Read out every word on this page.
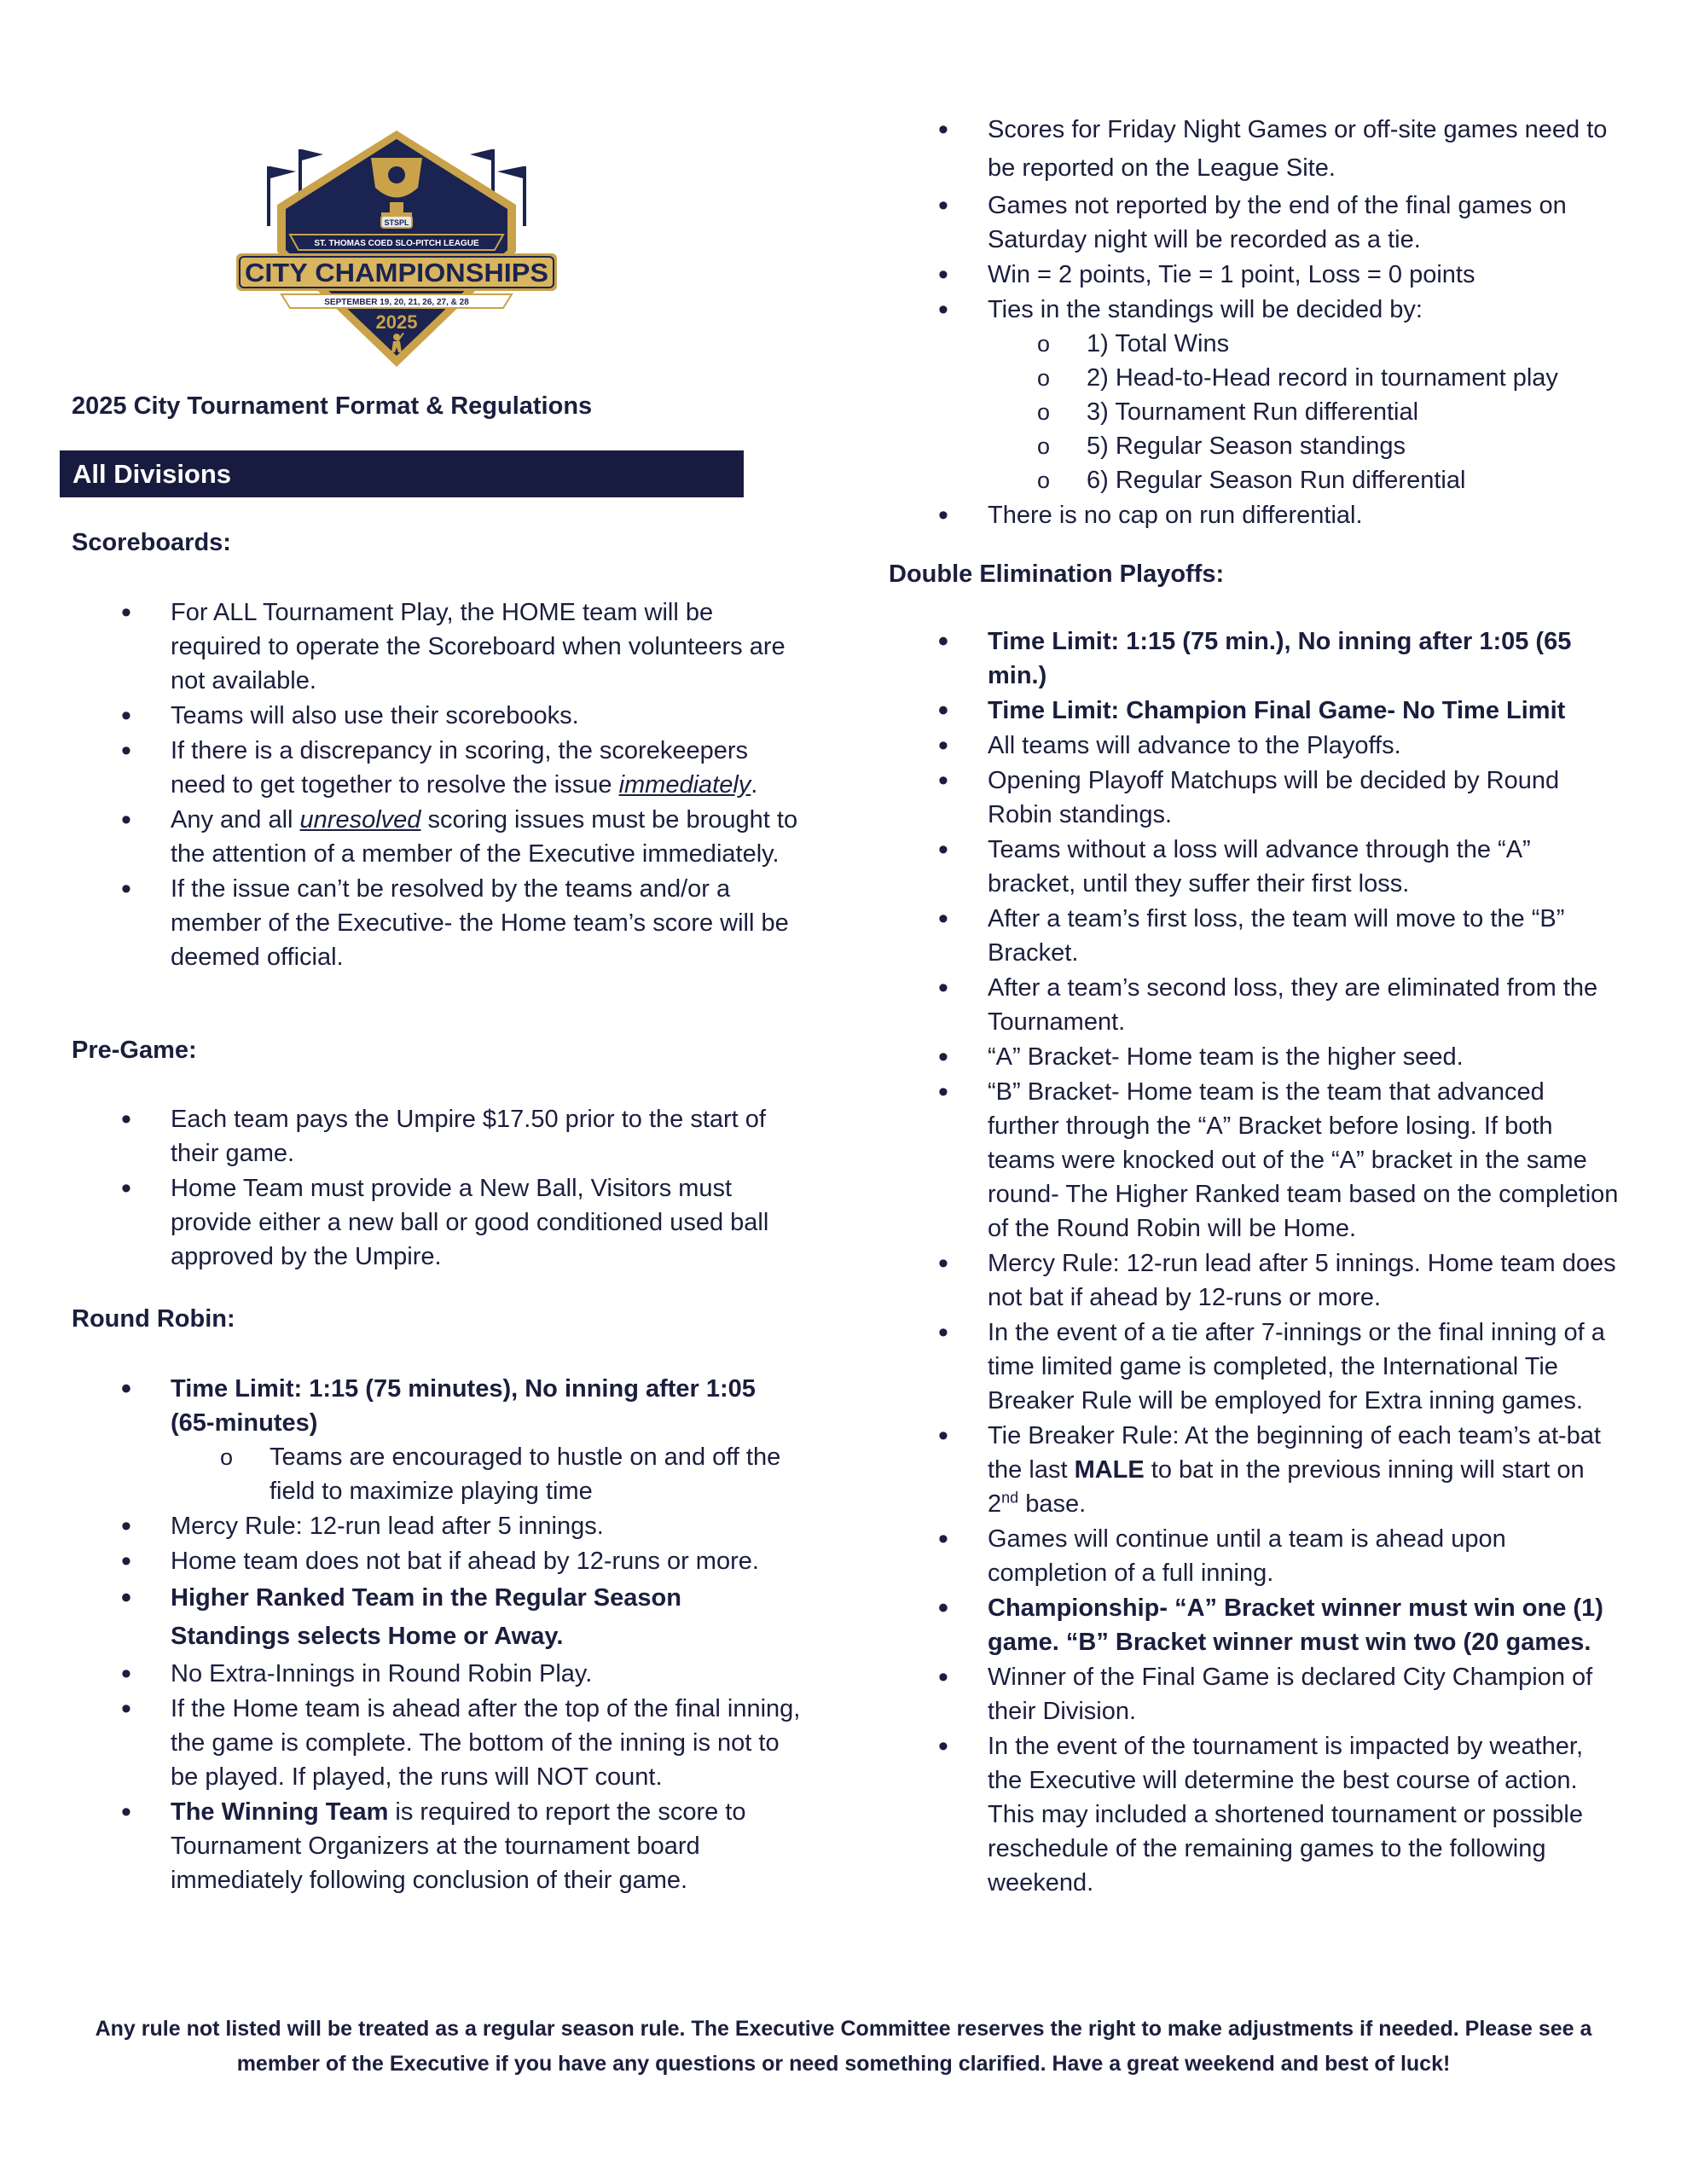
STSPL
ST. THOMAS COED SLO-PITCH LEAGUE
CITY CHAMPIONSHIPS
SEPTEMBER 19, 20, 21, 26, 27, & 28
2025
2025 City Tournament Format & Regulations
All Divisions
Scoreboards:
• For ALL Tournament Play, the HOME team will be required to operate the Scoreboard when volunteers are not available.
• Teams will also use their scorebooks.
• If there is a discrepancy in scoring, the scorekeepers need to get together to resolve the issue immediately.
• Any and all unresolved scoring issues must be brought to the attention of a member of the Executive immediately.
• If the issue can’t be resolved by the teams and/or a member of the Executive- the Home team’s score will be deemed official.
Pre-Game:
• Each team pays the Umpire $17.50 prior to the start of their game.
• Home Team must provide a New Ball, Visitors must provide either a new ball or good conditioned used ball approved by the Umpire.
Round Robin:
• Time Limit: 1:15 (75 minutes), No inning after 1:05 (65-minutes)
o Teams are encouraged to hustle on and off the field to maximize playing time
• Mercy Rule: 12-run lead after 5 innings.
• Home team does not bat if ahead by 12-runs or more.
• Higher Ranked Team in the Regular Season Standings selects Home or Away.
• No Extra-Innings in Round Robin Play.
• If the Home team is ahead after the top of the final inning, the game is complete. The bottom of the inning is not to be played. If played, the runs will NOT count.
• The Winning Team is required to report the score to Tournament Organizers at the tournament board immediately following conclusion of their game.
• Scores for Friday Night Games or off-site games need to be reported on the League Site.
• Games not reported by the end of the final games on Saturday night will be recorded as a tie.
• Win = 2 points, Tie = 1 point, Loss = 0 points
• Ties in the standings will be decided by:
o 1) Total Wins
o 2) Head-to-Head record in tournament play
o 3) Tournament Run differential
o 5) Regular Season standings
o 6) Regular Season Run differential
• There is no cap on run differential.
Double Elimination Playoffs:
• Time Limit: 1:15 (75 min.), No inning after 1:05 (65 min.)
• Time Limit: Champion Final Game- No Time Limit
• All teams will advance to the Playoffs.
• Opening Playoff Matchups will be decided by Round Robin standings.
• Teams without a loss will advance through the “A” bracket, until they suffer their first loss.
• After a team’s first loss, the team will move to the “B” Bracket.
• After a team’s second loss, they are eliminated from the Tournament.
• “A” Bracket- Home team is the higher seed.
• “B” Bracket- Home team is the team that advanced further through the “A” Bracket before losing. If both teams were knocked out of the “A” bracket in the same round- The Higher Ranked team based on the completion of the Round Robin will be Home.
• Mercy Rule: 12-run lead after 5 innings. Home team does not bat if ahead by 12-runs or more.
• In the event of a tie after 7-innings or the final inning of a time limited game is completed, the International Tie Breaker Rule will be employed for Extra inning games.
• Tie Breaker Rule: At the beginning of each team’s at-bat the last MALE to bat in the previous inning will start on 2nd base.
• Games will continue until a team is ahead upon completion of a full inning.
• Championship- “A” Bracket winner must win one (1) game. “B” Bracket winner must win two (20 games.
• Winner of the Final Game is declared City Champion of their Division.
• In the event of the tournament is impacted by weather, the Executive will determine the best course of action. This may included a shortened tournament or possible reschedule of the remaining games to the following weekend.
Any rule not listed will be treated as a regular season rule. The Executive Committee reserves the right to make adjustments if needed. Please see a member of the Executive if you have any questions or need something clarified. Have a great weekend and best of luck!
